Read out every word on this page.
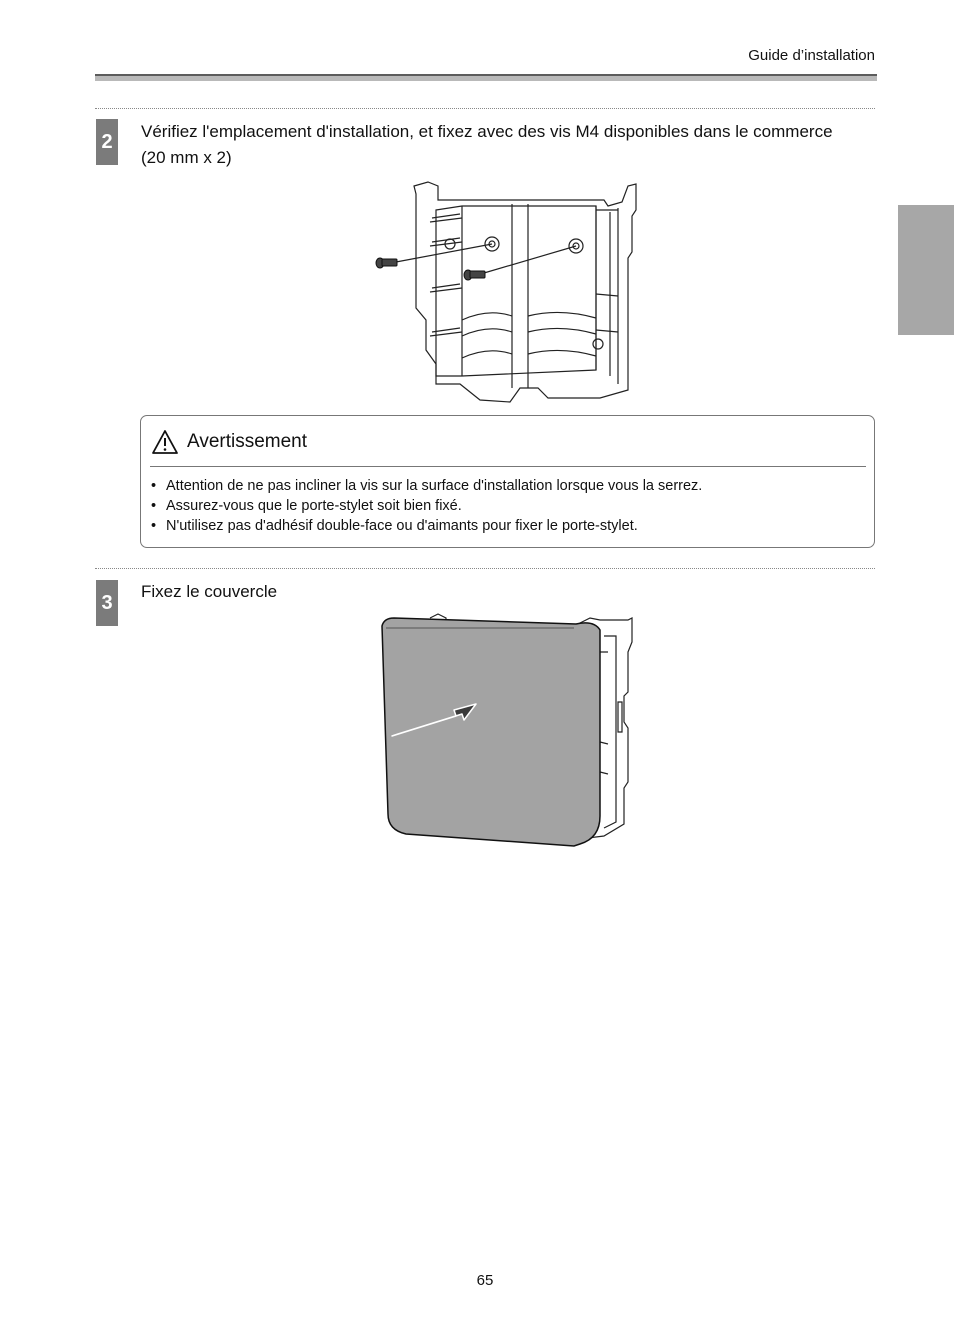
Guide d’installation
2	Vérifiez l'emplacement d'installation, et fixez avec des vis M4 disponibles dans le commerce
(20 mm x 2)
Avertissement
• Attention de ne pas incliner la vis sur la surface d'installation lorsque vous la serrez.
• Assurez-vous que le porte-stylet soit bien fixé.
• N'utilisez pas d'adhésif double-face ou d'aimants pour fixer le porte-stylet.
3
Fixez le couvercle
65
